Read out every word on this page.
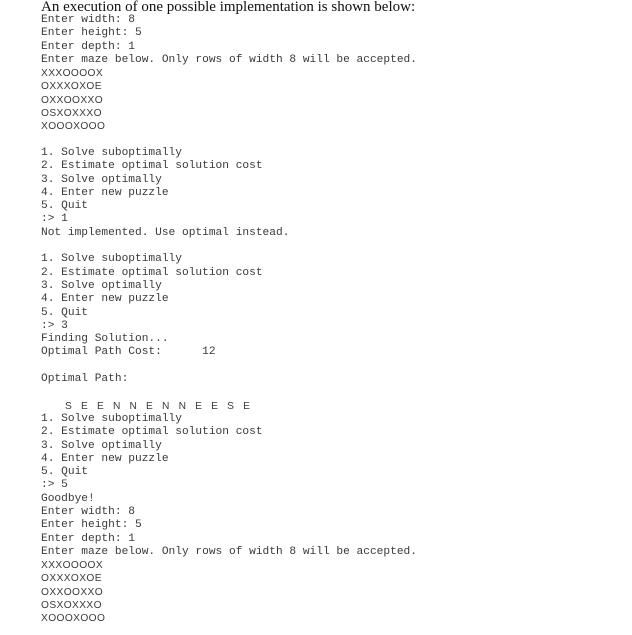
An execution of one possible implementation is shown below:

Enter width: 8
Enter height: 5
Enter depth: 1
Enter maze below. Only rows of width 8 will be accepted.
XXXOOOOX
OXXXOXOE
OXXOOXXO
OSXOXXXO
XOOOXOOO
1. Solve suboptimally
2. Estimate optimal solution cost
3. Solve optimally
4. Enter new puzzle
5. Quit
:> 1
Not implemented. Use optimal instead.
1. Solve suboptimally
2. Estimate optimal solution cost
3. Solve optimally
4. Enter new puzzle
5. Quit
:> 3
Finding Solution...
Optimal Path Cost:      12
Optimal Path:

S E E N N E N N E E S E

1. Solve suboptimally
2. Estimate optimal solution cost
3. Solve optimally
4. Enter new puzzle
5. Quit
:> 5
Goodbye!
Enter width: 8
Enter height: 5
Enter depth: 1
Enter maze below. Only rows of width 8 will be accepted.
XXXOOOOX
OXXXOXOE
OXXOOXXO
OSXOXXXO
XOOOXOOO
